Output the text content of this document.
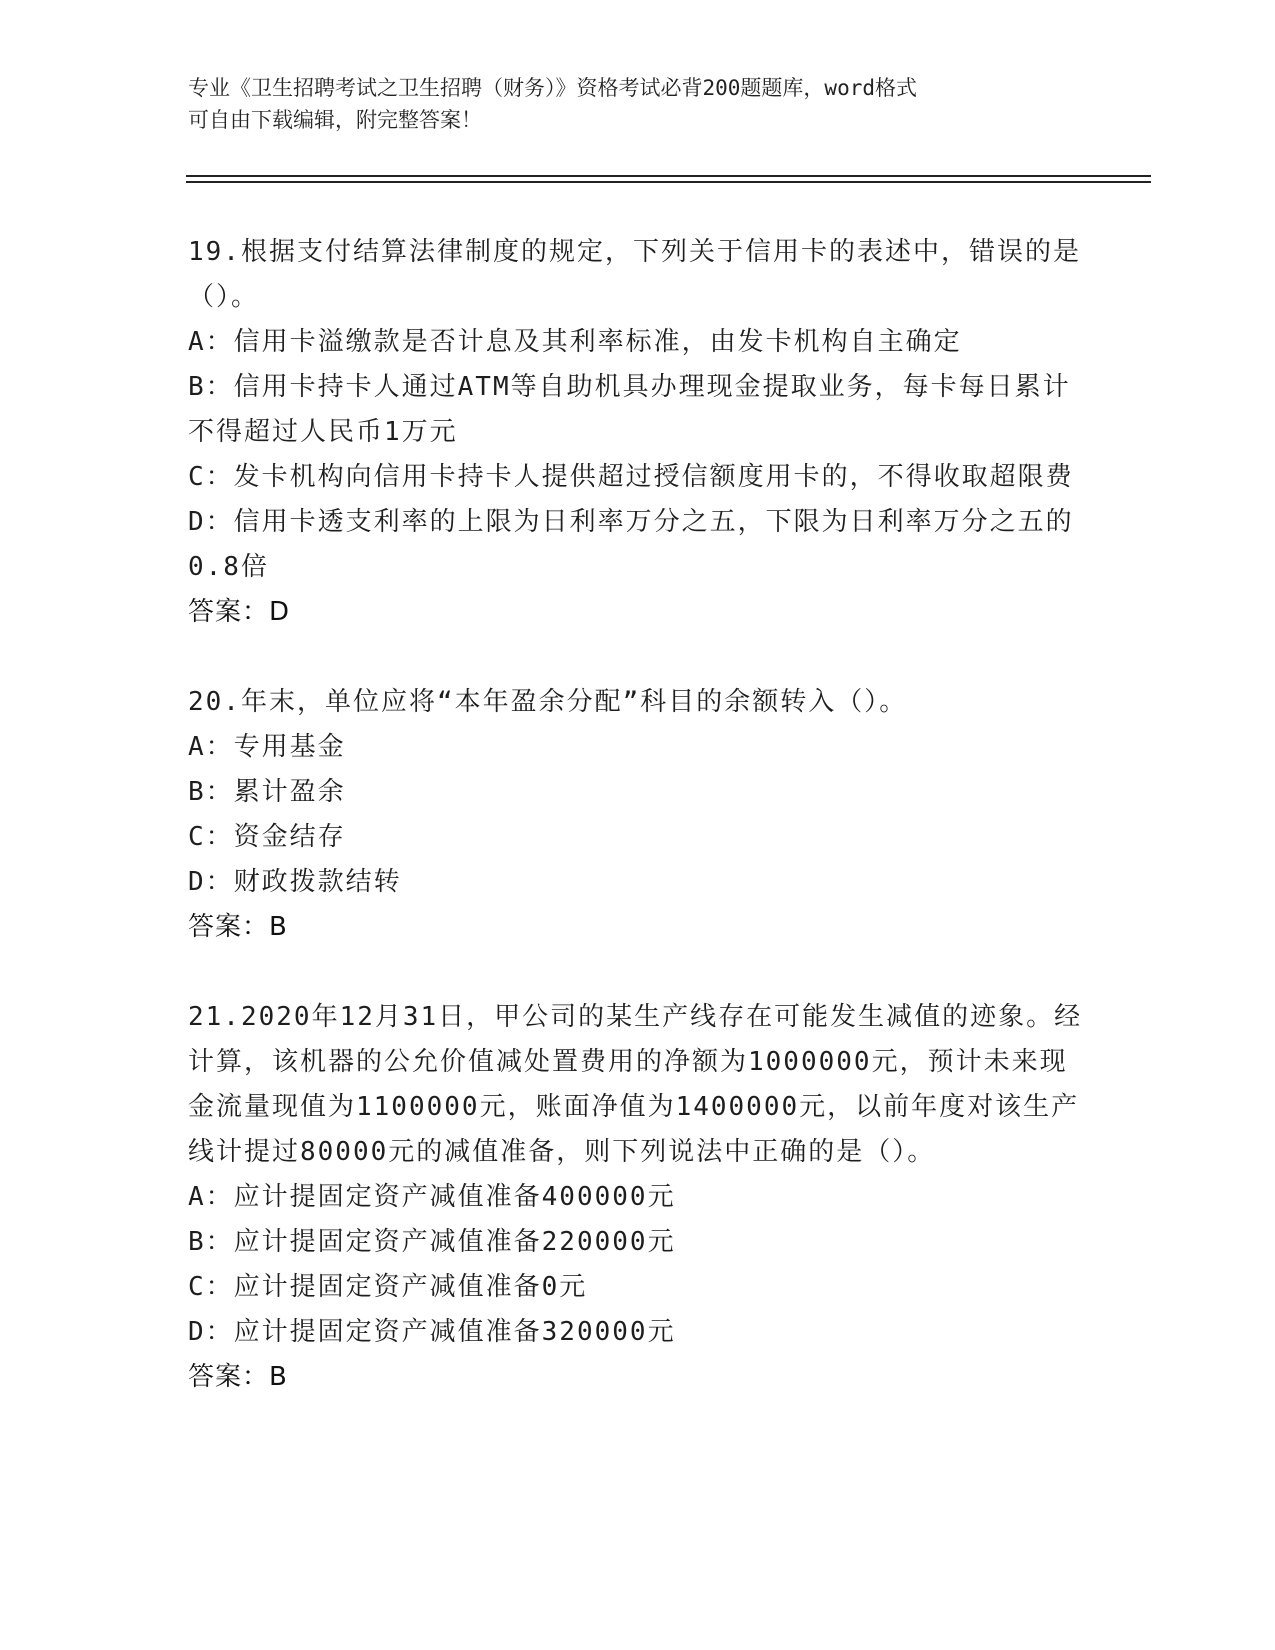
专业《卫生招聘考试之卫生招聘（财务）》资格考试必背200题题库，word格式
可自由下载编辑，附完整答案！

19.根据支付结算法律制度的规定，下列关于信用卡的表述中，错误的是（）。

A：信用卡溢缴款是否计息及其利率标准，由发卡机构自主确定

B：信用卡持卡人通过ATM等自助机具办理现金提取业务，每卡每日累计不得超过人民币1万元

C：发卡机构向信用卡持卡人提供超过授信额度用卡的，不得收取超限费

D：信用卡透支利率的上限为日利率万分之五，下限为日利率万分之五的0.8倍

答案：D

20.年末，单位应将“本年盈余分配”科目的余额转入（）。

A：专用基金

B：累计盈余

C：资金结存

D：财政拨款结转

答案：B

21.2020年12月31日，甲公司的某生产线存在可能发生减值的迹象。经计算，该机器的公允价值减处置费用的净额为1000000元，预计未来现金流量现值为1100000元，账面净值为1400000元，以前年度对该生产线计提过80000元的减值准备，则下列说法中正确的是（）。

A：应计提固定资产减值准备400000元

B：应计提固定资产减值准备220000元

C：应计提固定资产减值准备0元

D：应计提固定资产减值准备320000元

答案：B
